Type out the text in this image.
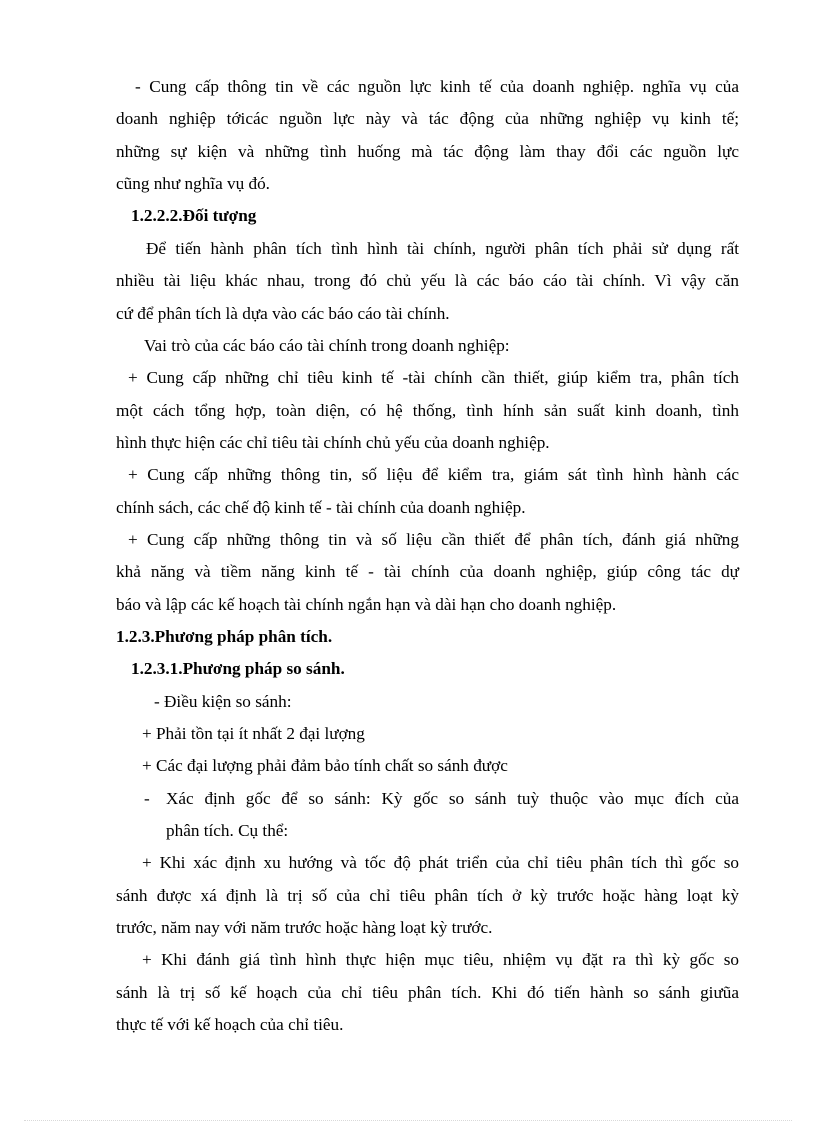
- Cung cấp thông tin về các nguồn lực kinh tế của doanh nghiệp. nghĩa vụ của
doanh nghiệp tớicác nguồn lực này và tác động của những nghiệp vụ kinh tế;
những sự kiện và những tình huống mà tác động làm thay đổi các nguồn lực
cũng như nghĩa vụ đó.
1.2.2.2.Đối tượng
Để tiến hành phân tích tình hình tài chính, người phân tích phải sử dụng rất
nhiều tài liệu khác nhau, trong đó chủ yếu là các báo cáo tài chính. Vì vậy căn
cứ để phân tích là dựa vào các báo cáo tài chính.
Vai trò của các báo cáo tài chính trong doanh nghiệp:
+ Cung cấp những chỉ tiêu kinh tế -tài chính cần thiết, giúp kiểm tra, phân tích
một cách tổng hợp, toàn diện, có hệ thống, tình hính sản suất kinh doanh, tình
hình thực hiện các chỉ tiêu tài chính chủ yếu của doanh nghiệp.
+ Cung cấp những thông tin, số liệu để kiểm tra, giám sát tình hình hành các
chính sách, các chế độ kinh tế - tài chính của doanh nghiệp.
+ Cung cấp những thông tin và số liệu cần thiết để phân tích, đánh giá những
khả năng và tiềm năng kinh tế - tài chính của doanh nghiệp, giúp công tác dự
báo và lập các kế hoạch tài chính ngắn hạn và dài hạn cho doanh nghiệp.
1.2.3.Phương pháp phân tích.
1.2.3.1.Phương pháp so sánh.
- Điều kiện so sánh:
+ Phải tồn tại ít nhất 2 đại lượng
+ Các đại lượng phải đảm bảo tính chất so sánh được
- Xác định gốc để so sánh: Kỳ gốc so sánh tuỳ thuộc vào mục đích của
phân tích. Cụ thể:
+ Khi xác định xu hướng và tốc độ phát triển của chỉ tiêu phân tích thì gốc so
sánh được xá định là trị số của chỉ tiêu phân tích ở kỳ trước hoặc hàng loạt kỳ
trước, năm nay với năm trước hoặc hàng loạt kỳ trước.
+ Khi đánh giá tình hình thực hiện mục tiêu, nhiệm vụ đặt ra thì kỳ gốc so
sánh là trị số kế hoạch của chỉ tiêu phân tích. Khi đó tiến hành so sánh giưũa
thực tế với kế hoạch của chỉ tiêu.
